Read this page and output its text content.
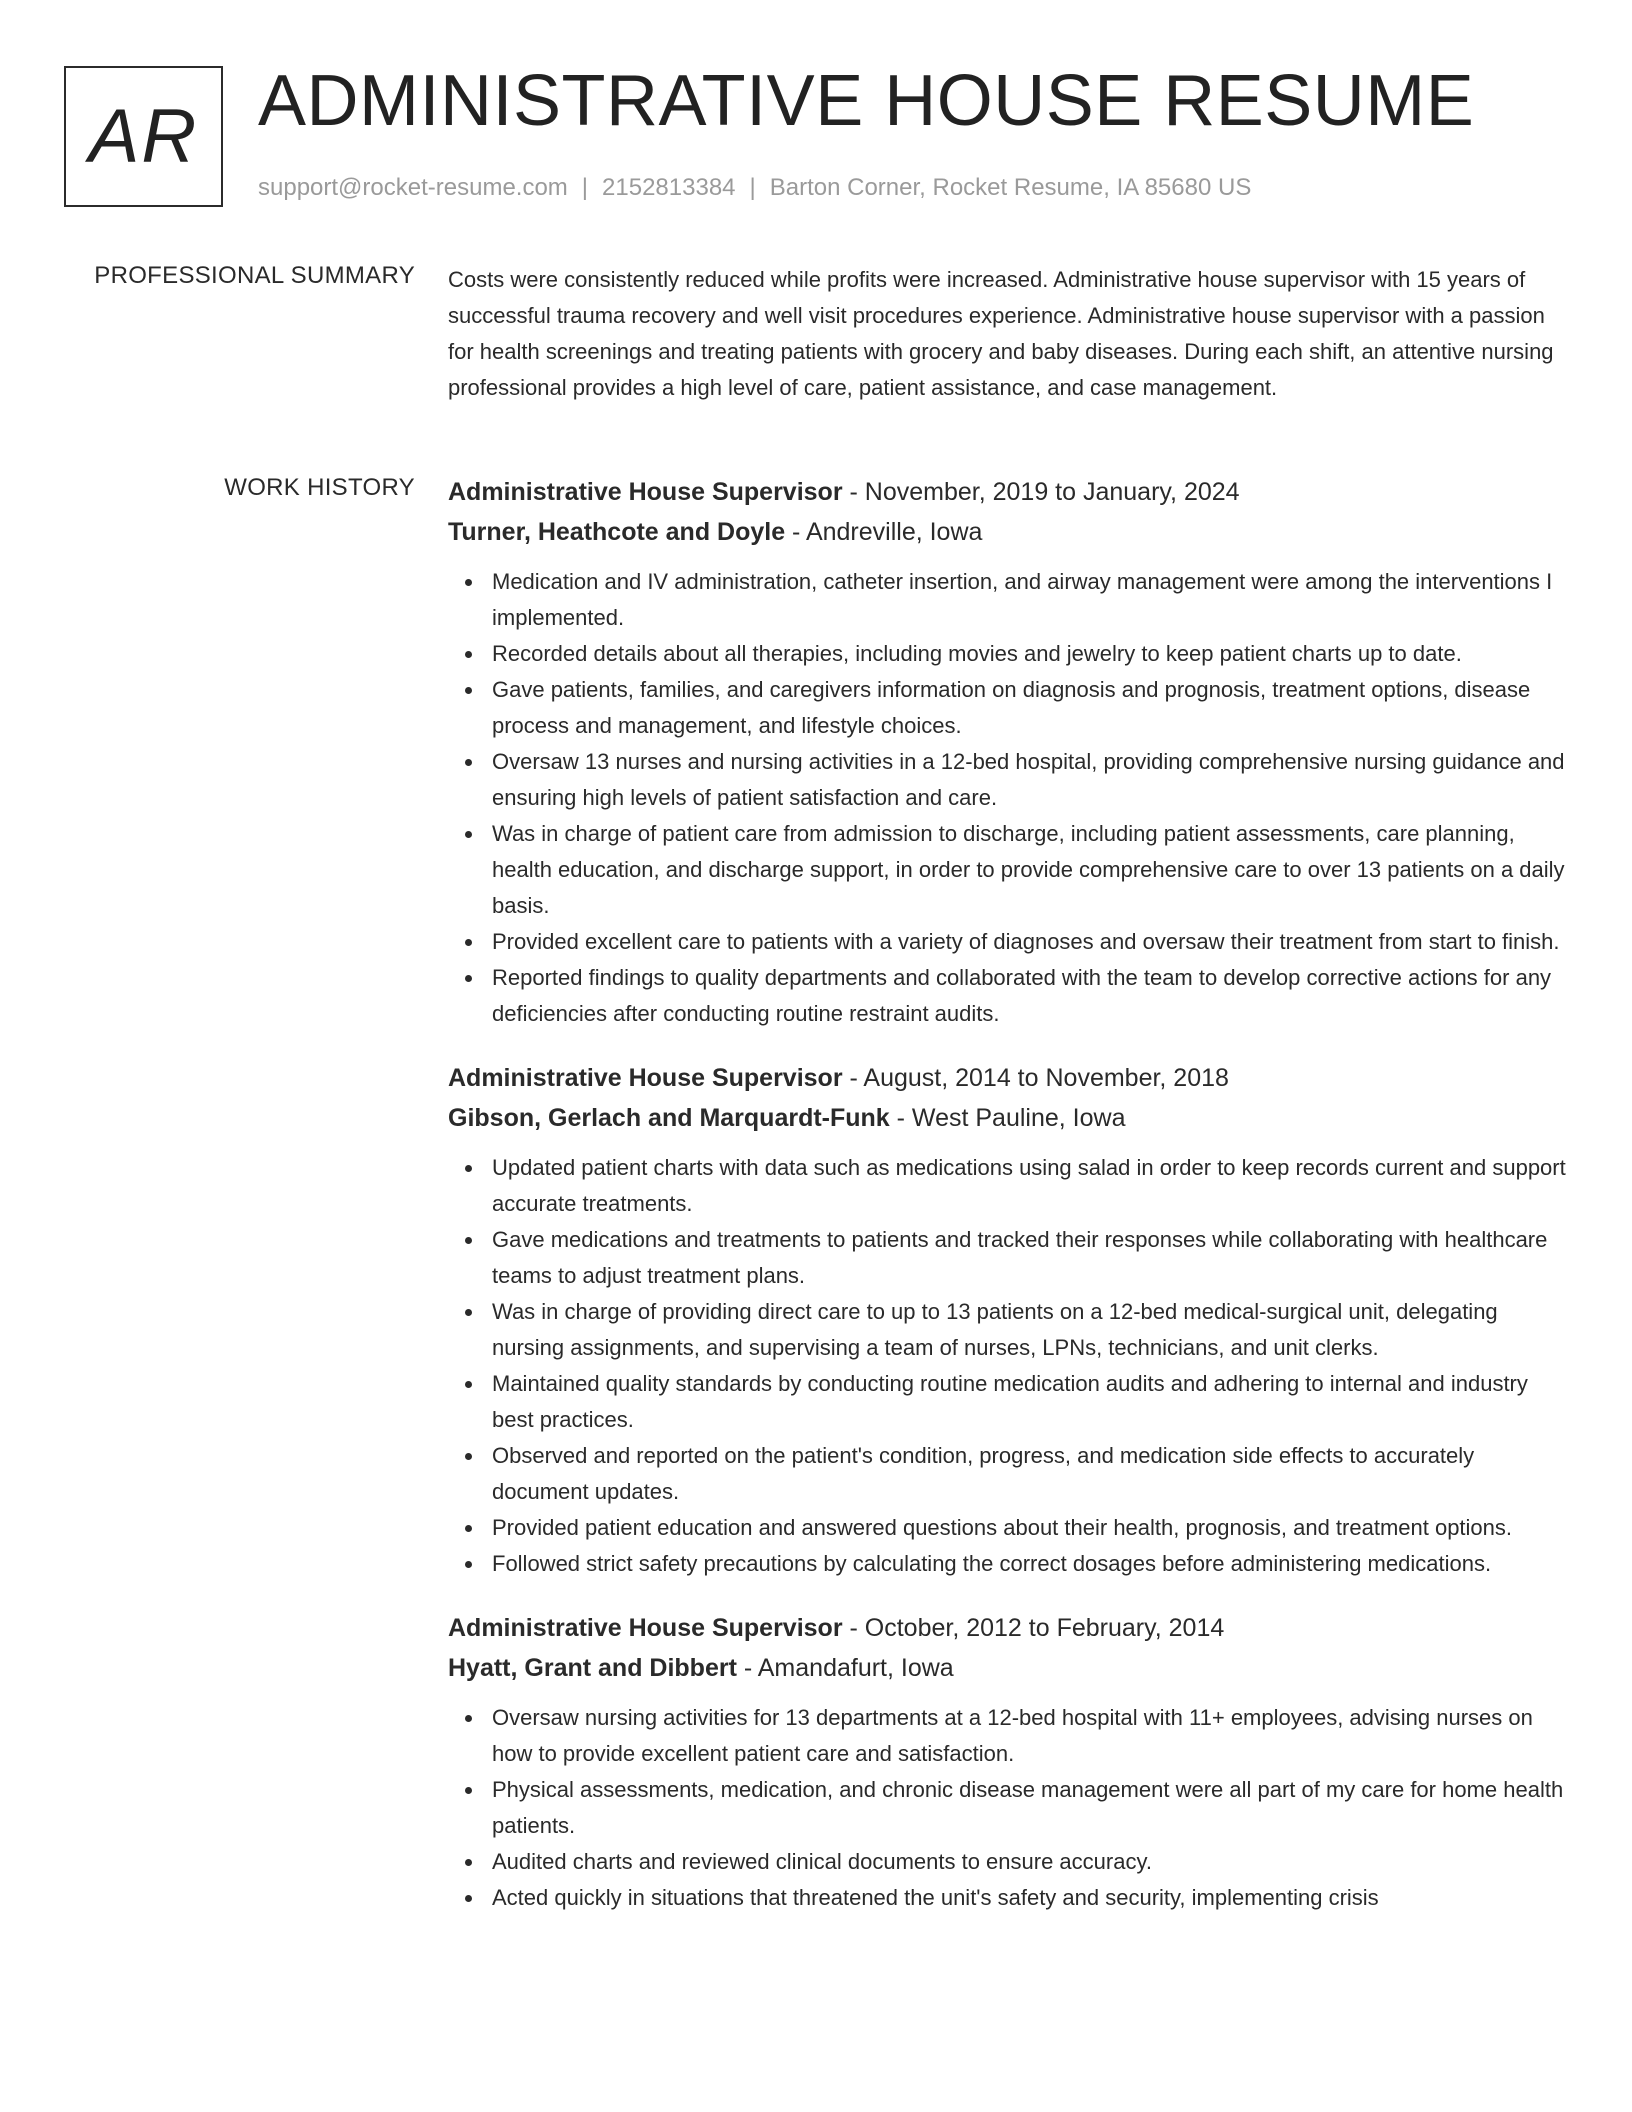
AR ADMINISTRATIVE HOUSE RESUME
support@rocket-resume.com | 2152813384 | Barton Corner, Rocket Resume, IA 85680 US
PROFESSIONAL SUMMARY Costs were consistently reduced while profits were increased. Administrative house supervisor with 15 years of successful trauma recovery and well visit procedures experience. Administrative house supervisor with a passion for health screenings and treating patients with grocery and baby diseases. During each shift, an attentive nursing professional provides a high level of care, patient assistance, and case management.

WORK HISTORY Administrative House Supervisor - November, 2019 to January, 2024
Turner, Heathcote and Doyle - Andreville, Iowa
Medication and IV administration, catheter insertion, and airway management were among the interventions I implemented.
Recorded details about all therapies, including movies and jewelry to keep patient charts up to date.
Gave patients, families, and caregivers information on diagnosis and prognosis, treatment options, disease process and management, and lifestyle choices.
Oversaw 13 nurses and nursing activities in a 12-bed hospital, providing comprehensive nursing guidance and ensuring high levels of patient satisfaction and care.
Was in charge of patient care from admission to discharge, including patient assessments, care planning, health education, and discharge support, in order to provide comprehensive care to over 13 patients on a daily basis.
Provided excellent care to patients with a variety of diagnoses and oversaw their treatment from start to finish.
Reported findings to quality departments and collaborated with the team to develop corrective actions for any deficiencies after conducting routine restraint audits.
Administrative House Supervisor - August, 2014 to November, 2018
Gibson, Gerlach and Marquardt-Funk - West Pauline, Iowa
Updated patient charts with data such as medications using salad in order to keep records current and support accurate treatments.
Gave medications and treatments to patients and tracked their responses while collaborating with healthcare teams to adjust treatment plans.
Was in charge of providing direct care to up to 13 patients on a 12-bed medical-surgical unit, delegating nursing assignments, and supervising a team of nurses, LPNs, technicians, and unit clerks.
Maintained quality standards by conducting routine medication audits and adhering to internal and industry best practices.
Observed and reported on the patient's condition, progress, and medication side effects to accurately document updates.
Provided patient education and answered questions about their health, prognosis, and treatment options.
Followed strict safety precautions by calculating the correct dosages before administering medications.
Administrative House Supervisor - October, 2012 to February, 2014
Hyatt, Grant and Dibbert - Amandafurt, Iowa
Oversaw nursing activities for 13 departments at a 12-bed hospital with 11+ employees, advising nurses on how to provide excellent patient care and satisfaction.
Physical assessments, medication, and chronic disease management were all part of my care for home health patients.
Audited charts and reviewed clinical documents to ensure accuracy.
Acted quickly in situations that threatened the unit's safety and security, implementing crisis
